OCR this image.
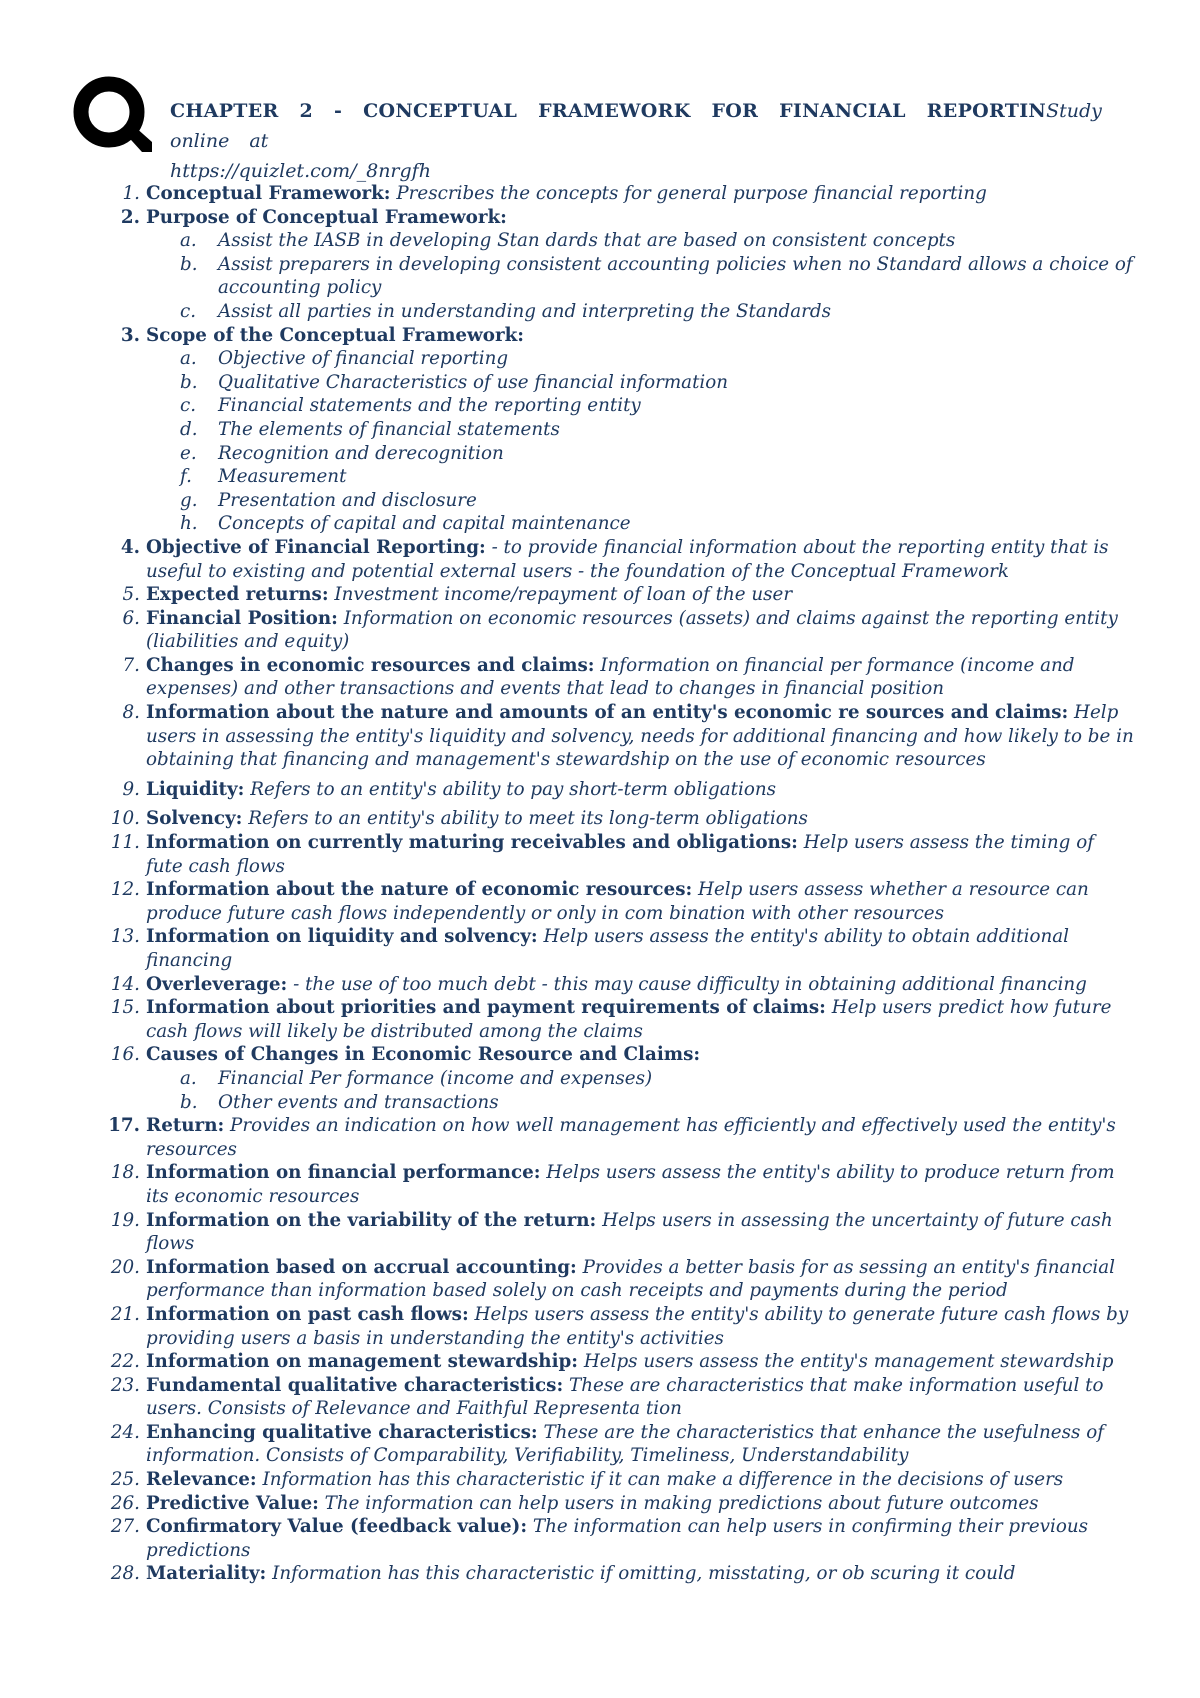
CHAPTER 2 - CONCEPTUAL FRAMEWORK FOR FINANCIAL REPORTINStudy online at
https://quizlet.com/_8nrgfh
1. Conceptual Framework: Prescribes the concepts for general purpose financial reporting
2. Purpose of Conceptual Framework:
a. Assist the IASB in developing Stan dards that are based on consistent concepts
b. Assist preparers in developing consistent accounting policies when no Standard allows a choice of accounting policy
c. Assist all parties in understanding and interpreting the Standards
3. Scope of the Conceptual Framework:
a. Objective of financial reporting
b. Qualitative Characteristics of use financial information
c. Financial statements and the reporting entity
d. The elements of financial statements
e. Recognition and derecognition
f. Measurement
g. Presentation and disclosure
h. Concepts of capital and capital maintenance
4. Objective of Financial Reporting: - to provide financial information about the reporting entity that is useful to existing and potential external users - the foundation of the Conceptual Framework
5. Expected returns: Investment income/repayment of loan of the user
6. Financial Position: Information on economic resources (assets) and claims against the reporting entity (liabilities and equity)
7. Changes in economic resources and claims: Information on financial per formance (income and expenses) and other transactions and events that lead to changes in financial position
8. Information about the nature and amounts of an entity's economic re sources and claims: Help users in assessing the entity's liquidity and solvency, needs for additional financing and how likely to be in obtaining that financing and management's stewardship on the use of economic resources
9. Liquidity: Refers to an entity's ability to pay short-term obligations
10. Solvency: Refers to an entity's ability to meet its long-term obligations
11. Information on currently maturing receivables and obligations: Help users assess the timing of fute cash flows
12. Information about the nature of economic resources: Help users assess whether a resource can produce future cash flows independently or only in com bination with other resources
13. Information on liquidity and solvency: Help users assess the entity's ability to obtain additional financing
14. Overleverage: - the use of too much debt - this may cause difficulty in obtaining additional financing
15. Information about priorities and payment requirements of claims: Help users predict how future cash flows will likely be distributed among the claims
16. Causes of Changes in Economic Resource and Claims:
a. Financial Per formance (income and expenses)
b. Other events and transactions
17. Return: Provides an indication on how well management has efficiently and effectively used the entity's resources
18. Information on financial performance: Helps users assess the entity's ability to produce return from its economic resources
19. Information on the variability of the return: Helps users in assessing the uncertainty of future cash flows
20. Information based on accrual accounting: Provides a better basis for as sessing an entity's financial performance than information based solely on cash receipts and payments during the period
21. Information on past cash flows: Helps users assess the entity's ability to generate future cash flows by providing users a basis in understanding the entity's activities
22. Information on management stewardship: Helps users assess the entity's management stewardship
23. Fundamental qualitative characteristics: These are characteristics that make information useful to users. Consists of Relevance and Faithful Representa tion
24. Enhancing qualitative characteristics: These are the characteristics that enhance the usefulness of information. Consists of Comparability, Verifiability, Timeliness, Understandability
25. Relevance: Information has this characteristic if it can make a difference in the decisions of users
26. Predictive Value: The information can help users in making predictions about future outcomes
27. Confirmatory Value (feedback value): The information can help users in confirming their previous predictions
28. Materiality: Information has this characteristic if omitting, misstating, or ob scuring it could
